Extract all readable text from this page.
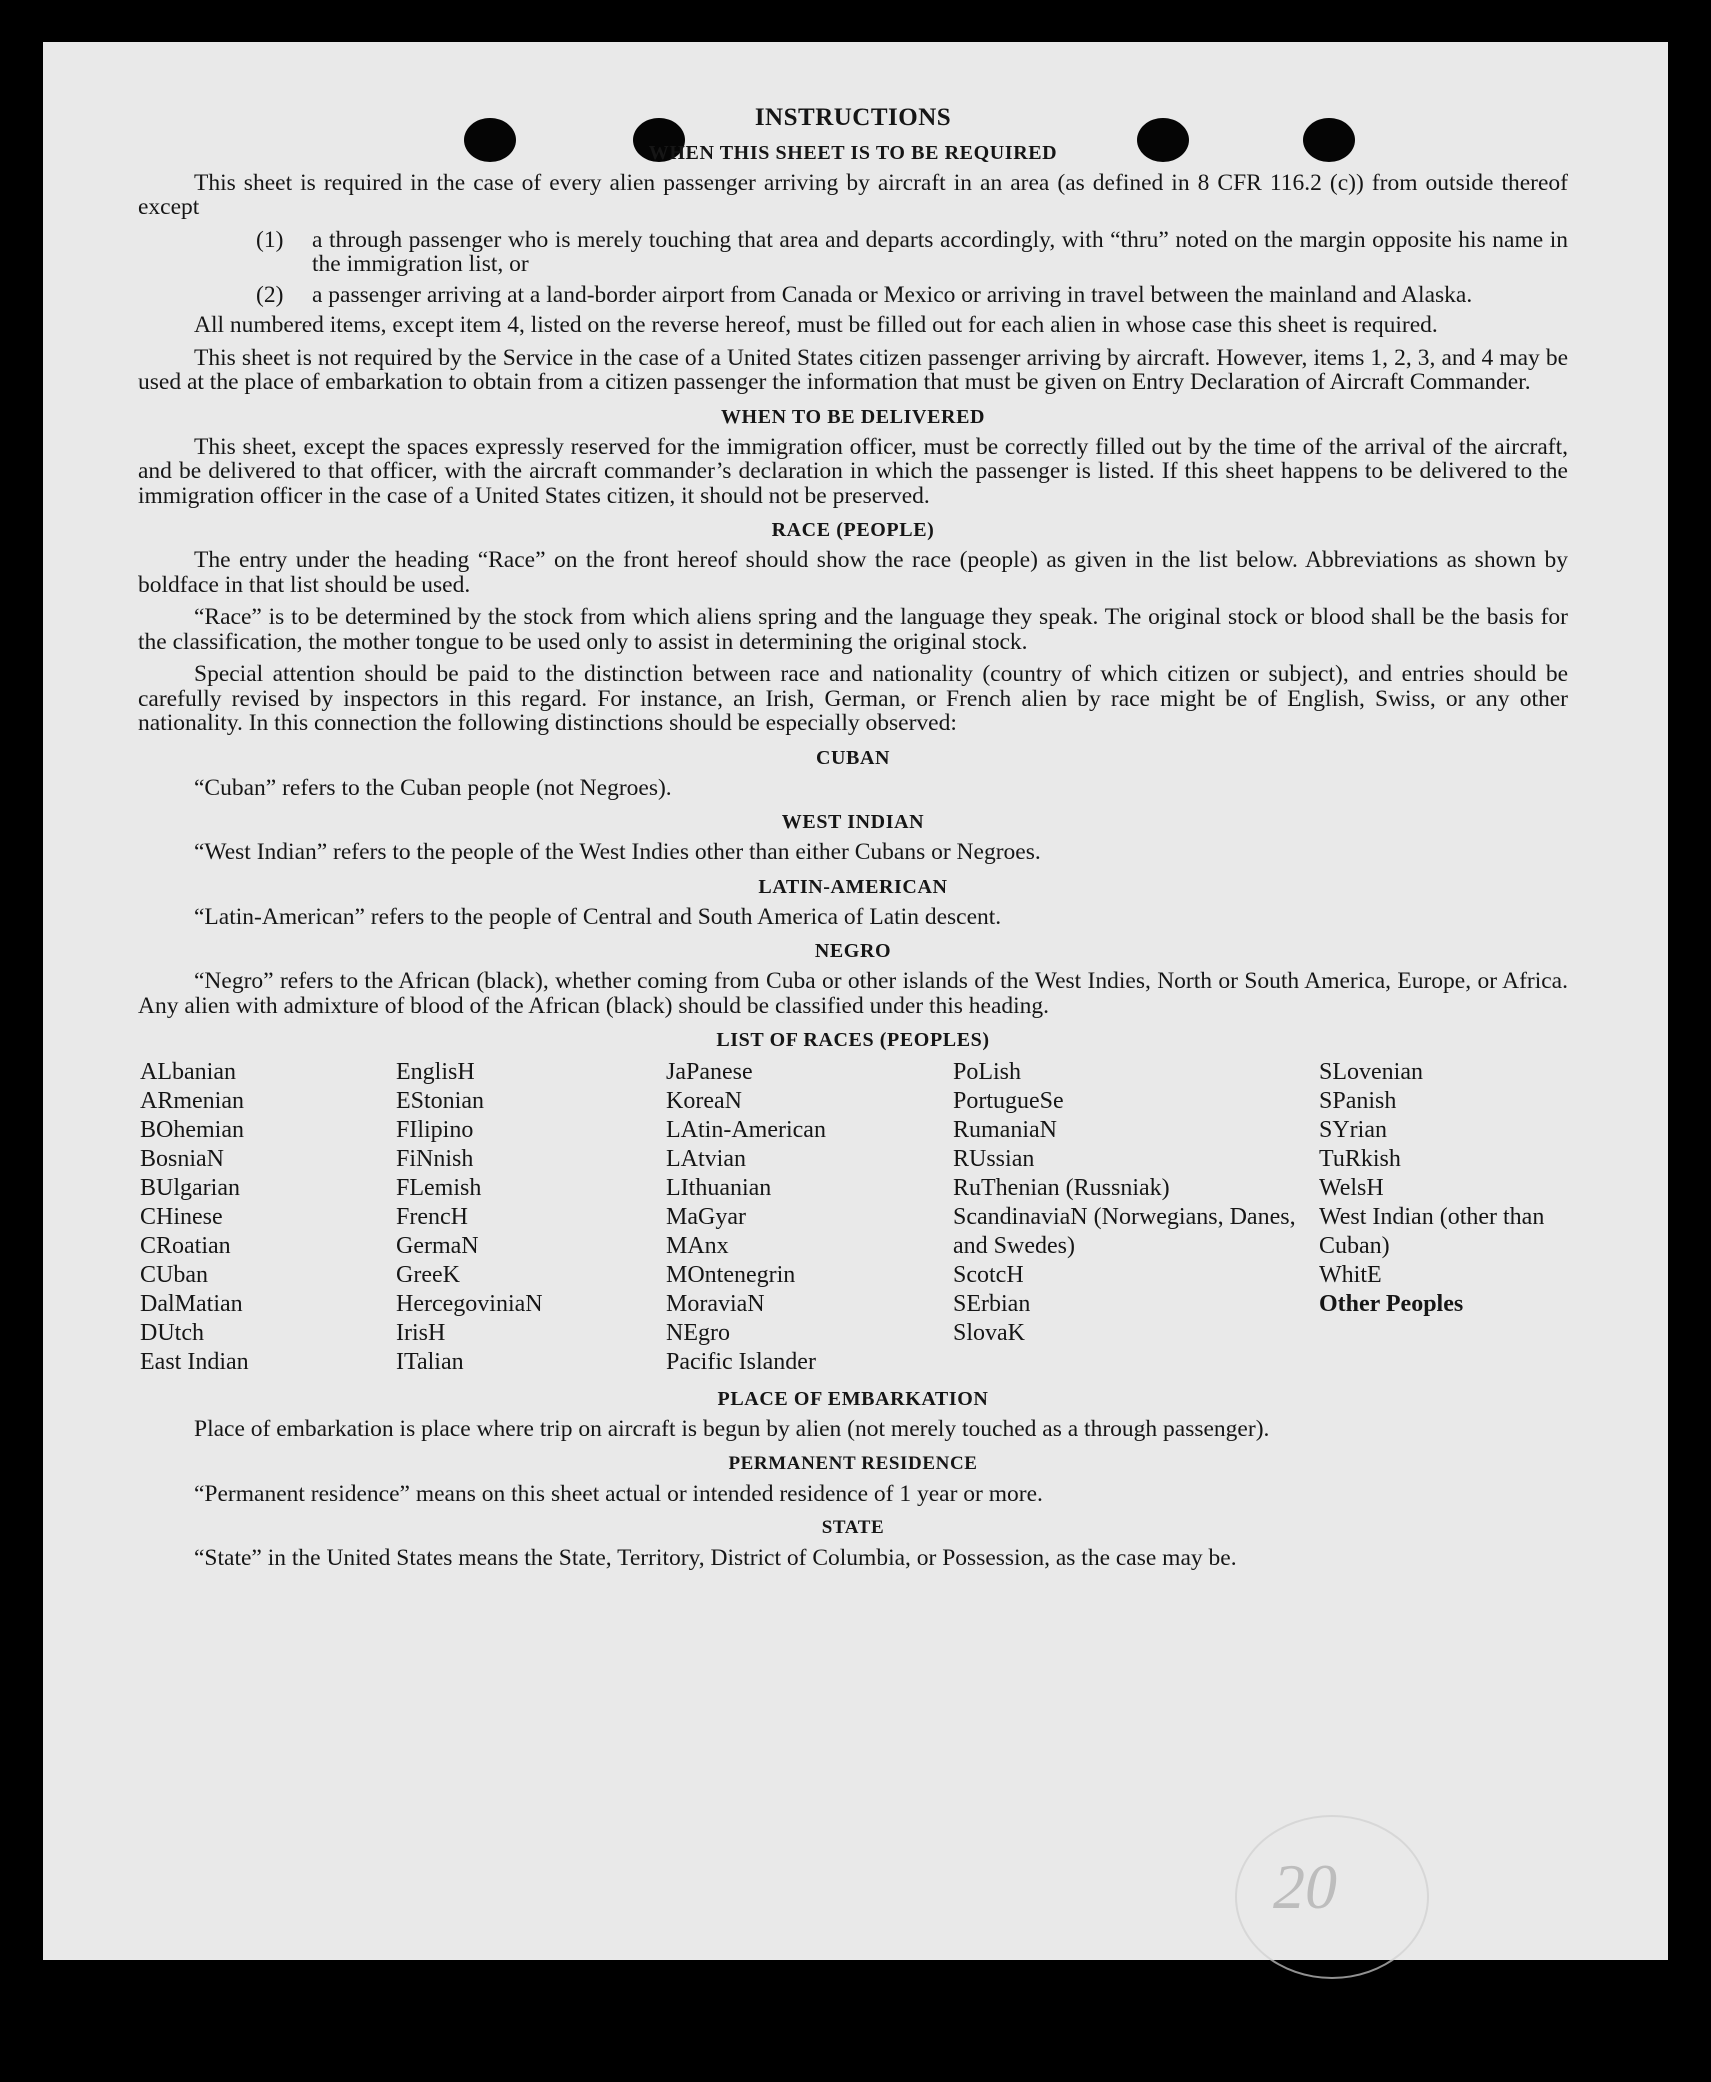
INSTRUCTIONS
WHEN THIS SHEET IS TO BE REQUIRED

This sheet is required in the case of every alien passenger arriving by aircraft in an area (as defined in 8 CFR 116.2 (c)) from outside thereof except

(1)	a through passenger who is merely touching that area and departs accordingly, with “thru” noted on the margin opposite his name in the immigration list, or
(2)	a passenger arriving at a land-border airport from Canada or Mexico or arriving in travel between the mainland and Alaska.

All numbered items, except item 4, listed on the reverse hereof, must be filled out for each alien in whose case this sheet is required.

This sheet is not required by the Service in the case of a United States citizen passenger arriving by aircraft. However, items 1, 2, 3, and 4 may be used at the place of embarkation to obtain from a citizen passenger the information that must be given on Entry Declaration of Aircraft Commander.

WHEN TO BE DELIVERED

This sheet, except the spaces expressly reserved for the immigration officer, must be correctly filled out by the time of the arrival of the aircraft, and be delivered to that officer, with the aircraft commander’s declaration in which the passenger is listed. If this sheet happens to be delivered to the immigration officer in the case of a United States citizen, it should not be preserved.

RACE (PEOPLE)

The entry under the heading “Race” on the front hereof should show the race (people) as given in the list below. Abbreviations as shown by boldface in that list should be used.

“Race” is to be determined by the stock from which aliens spring and the language they speak. The original stock or blood shall be the basis for the classification, the mother tongue to be used only to assist in determining the original stock.

Special attention should be paid to the distinction between race and nationality (country of which citizen or subject), and entries should be carefully revised by inspectors in this regard. For instance, an Irish, German, or French alien by race might be of English, Swiss, or any other nationality. In this connection the following distinctions should be especially observed:

CUBAN
“Cuban” refers to the Cuban people (not Negroes).
WEST INDIAN
“West Indian” refers to the people of the West Indies other than either Cubans or Negroes.
LATIN-AMERICAN
“Latin-American” refers to the people of Central and South America of Latin descent.
NEGRO

“Negro” refers to the African (black), whether coming from Cuba or other islands of the West Indies, North or South America, Europe, or Africa. Any alien with admixture of blood of the African (black) should be classified under this heading.

LIST OF RACES (PEOPLES)
ALbanian
ARmenian
BOhemian
BosniaN
BUlgarian
CHinese
CRoatian
CUban
DalMatian
DUtch
East Indian
EnglisH
EStonian
FIlipino
FiNnish
FLemish
FrencH
GermaN
GreeK
HercegoviniaN
IrisH
ITalian
JaPanese
KoreaN
LAtin-American
LAtvian
LIthuanian
MaGyar
MAnx
MOntenegrin
MoraviaN
NEgro
Pacific Islander
PoLish
PortugueSe
RumaniaN
RUssian
RuThenian (Russniak)
ScandinaviaN (Norwegians, Danes, and Swedes)
ScotcH
SErbian
SlovaK
SLovenian
SPanish
SYrian
TuRkish
WelsH
West Indian (other than Cuban)
WhitE
Other Peoples
PLACE OF EMBARKATION

Place of embarkation is place where trip on aircraft is begun by alien (not merely touched as a through passenger).

PERMANENT RESIDENCE
“Permanent residence” means on this sheet actual or intended residence of 1 year or more.
STATE

“State” in the United States means the State, Territory, District of Columbia, or Possession, as the case may be.

20
